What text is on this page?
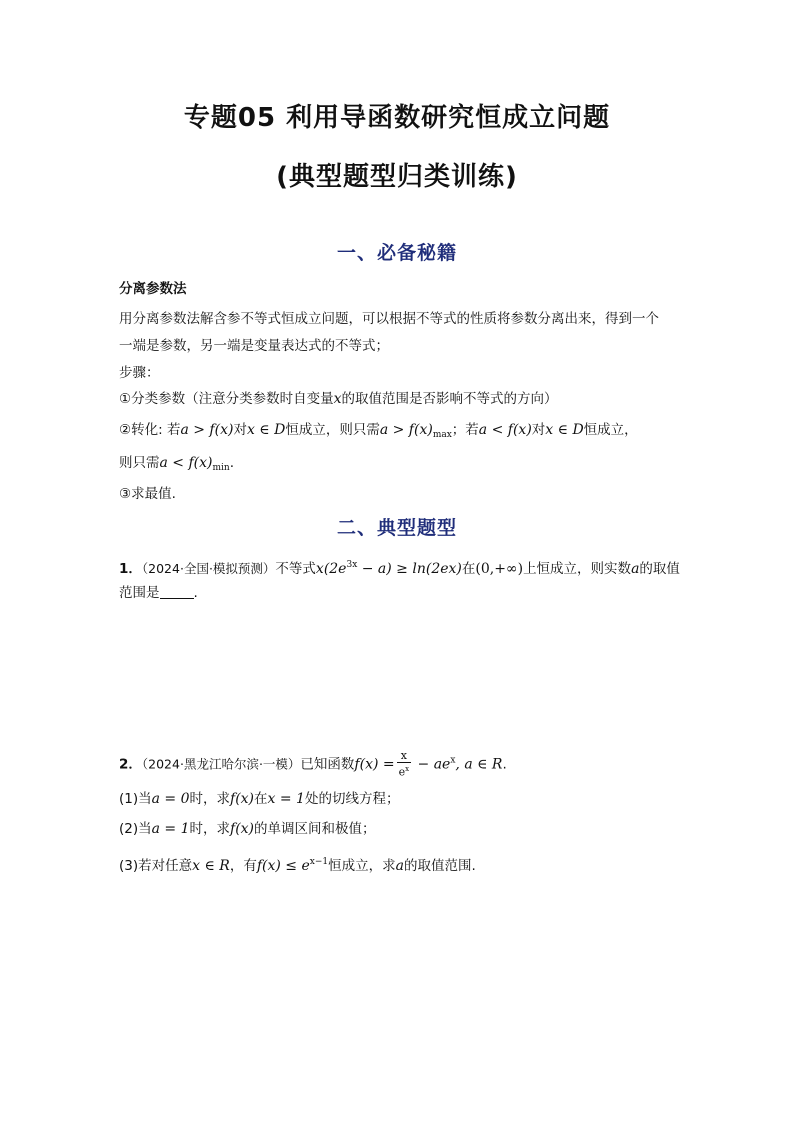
专题05 利用导函数研究恒成立问题
(典型题型归类训练)
一、必备秘籍
分离参数法
用分离参数法解含参不等式恒成立问题，可以根据不等式的性质将参数分离出来，得到一个
一端是参数，另一端是变量表达式的不等式；
步骤：
①分类参数（注意分类参数时自变量x的取值范围是否影响不等式的方向）
②转化: 若a > f(x)对x ∈ D恒成立，则只需$a > f(x)_{max}$；若a < f(x)对x ∈ D恒成立，
则只需$a < f(x)_{min}$.
③求最值.
二、典型题型
1．（2024·全国·模拟预测）不等式$x(2e^{3x} - a) \ge \ln(2ex)$在(0,+∞)上恒成立，则实数a的取值
范围是	.
2．（2024·黑龙江哈尔滨·一模）已知函数$f(x) = \frac{x}{e^x} - ae^x$, a ∈ R.
(1)当a = 0时，求f(x)在x = 1处的切线方程；
(2)当a = 1时，求f(x)的单调区间和极值；
(3)若对任意x ∈ R，有$f(x) \le e^{x-1}$恒成立，求a的取值范围.
